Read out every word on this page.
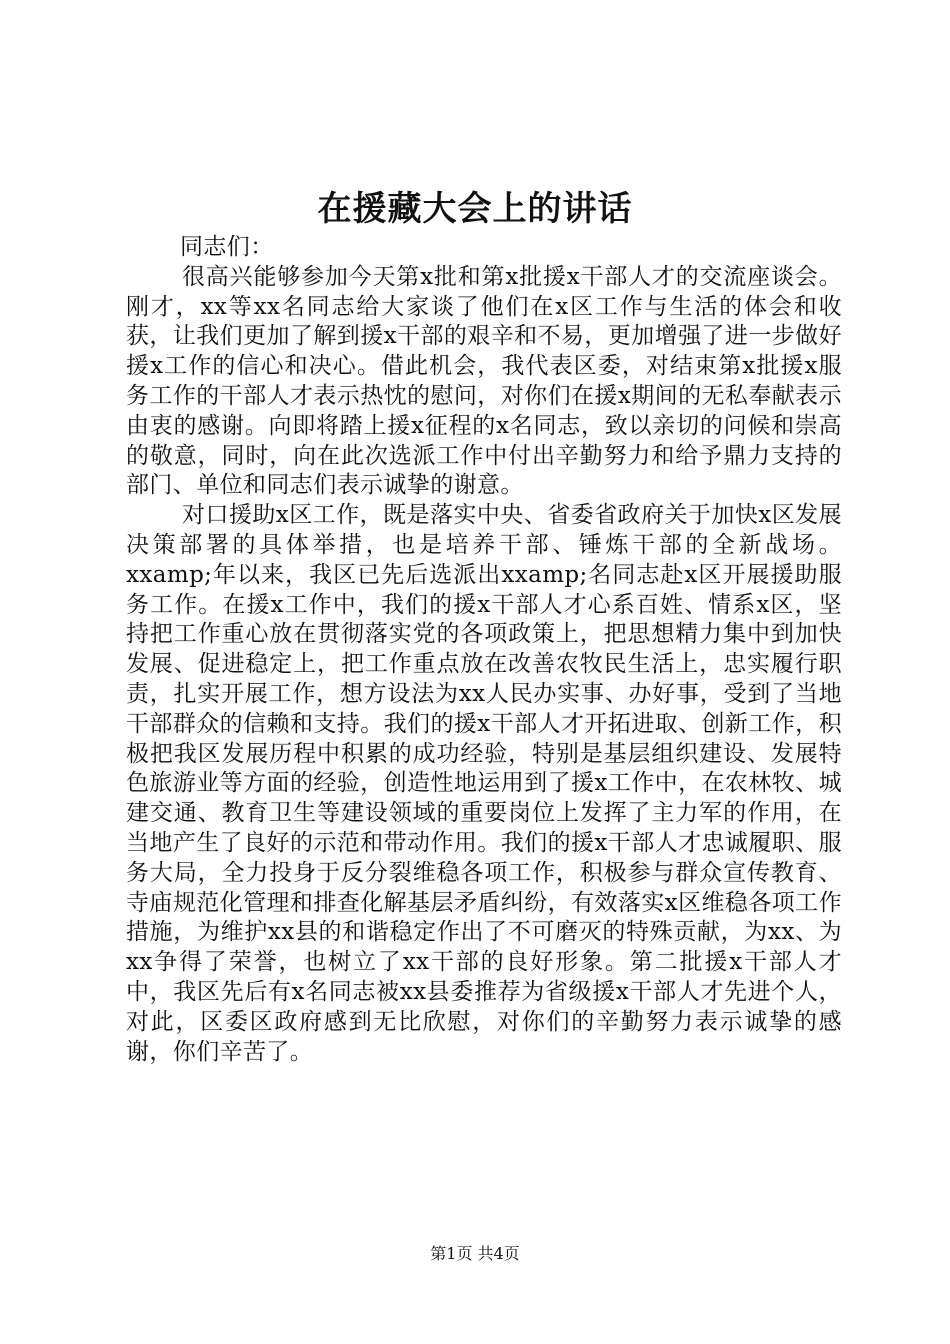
在援藏大会上的讲话

同志们：

很高兴能够参加今天第x批和第x批援x干部人才的交流座谈会。刚才，xx等xx名同志给大家谈了他们在x区工作与生活的体会和收获，让我们更加了解到援x干部的艰辛和不易，更加增强了进一步做好援x工作的信心和决心。借此机会，我代表区委，对结束第x批援x服务工作的干部人才表示热忱的慰问，对你们在援x期间的无私奉献表示由衷的感谢。向即将踏上援x征程的x名同志，致以亲切的问候和崇高的敬意，同时，向在此次选派工作中付出辛勤努力和给予鼎力支持的部门、单位和同志们表示诚挚的谢意。

对口援助x区工作，既是落实中央、省委省政府关于加快x区发展决策部署的具体举措，也是培养干部、锤炼干部的全新战场。xxamp;年以来，我区已先后选派出xxamp;名同志赴x区开展援助服务工作。在援x工作中，我们的援x干部人才心系百姓、情系x区，坚持把工作重心放在贯彻落实党的各项政策上，把思想精力集中到加快发展、促进稳定上，把工作重点放在改善农牧民生活上，忠实履行职责，扎实开展工作，想方设法为xx人民办实事、办好事，受到了当地干部群众的信赖和支持。我们的援x干部人才开拓进取、创新工作，积极把我区发展历程中积累的成功经验，特别是基层组织建设、发展特色旅游业等方面的经验，创造性地运用到了援x工作中，在农林牧、城建交通、教育卫生等建设领域的重要岗位上发挥了主力军的作用，在当地产生了良好的示范和带动作用。我们的援x干部人才忠诚履职、服务大局，全力投身于反分裂维稳各项工作，积极参与群众宣传教育、寺庙规范化管理和排查化解基层矛盾纠纷，有效落实x区维稳各项工作措施，为维护xx县的和谐稳定作出了不可磨灭的特殊贡献，为xx、为xx争得了荣誉，也树立了xx干部的良好形象。第二批援x干部人才中，我区先后有x名同志被xx县委推荐为省级援x干部人才先进个人，对此，区委区政府感到无比欣慰，对你们的辛勤努力表示诚挚的感谢，你们辛苦了。

第1页 共4页
